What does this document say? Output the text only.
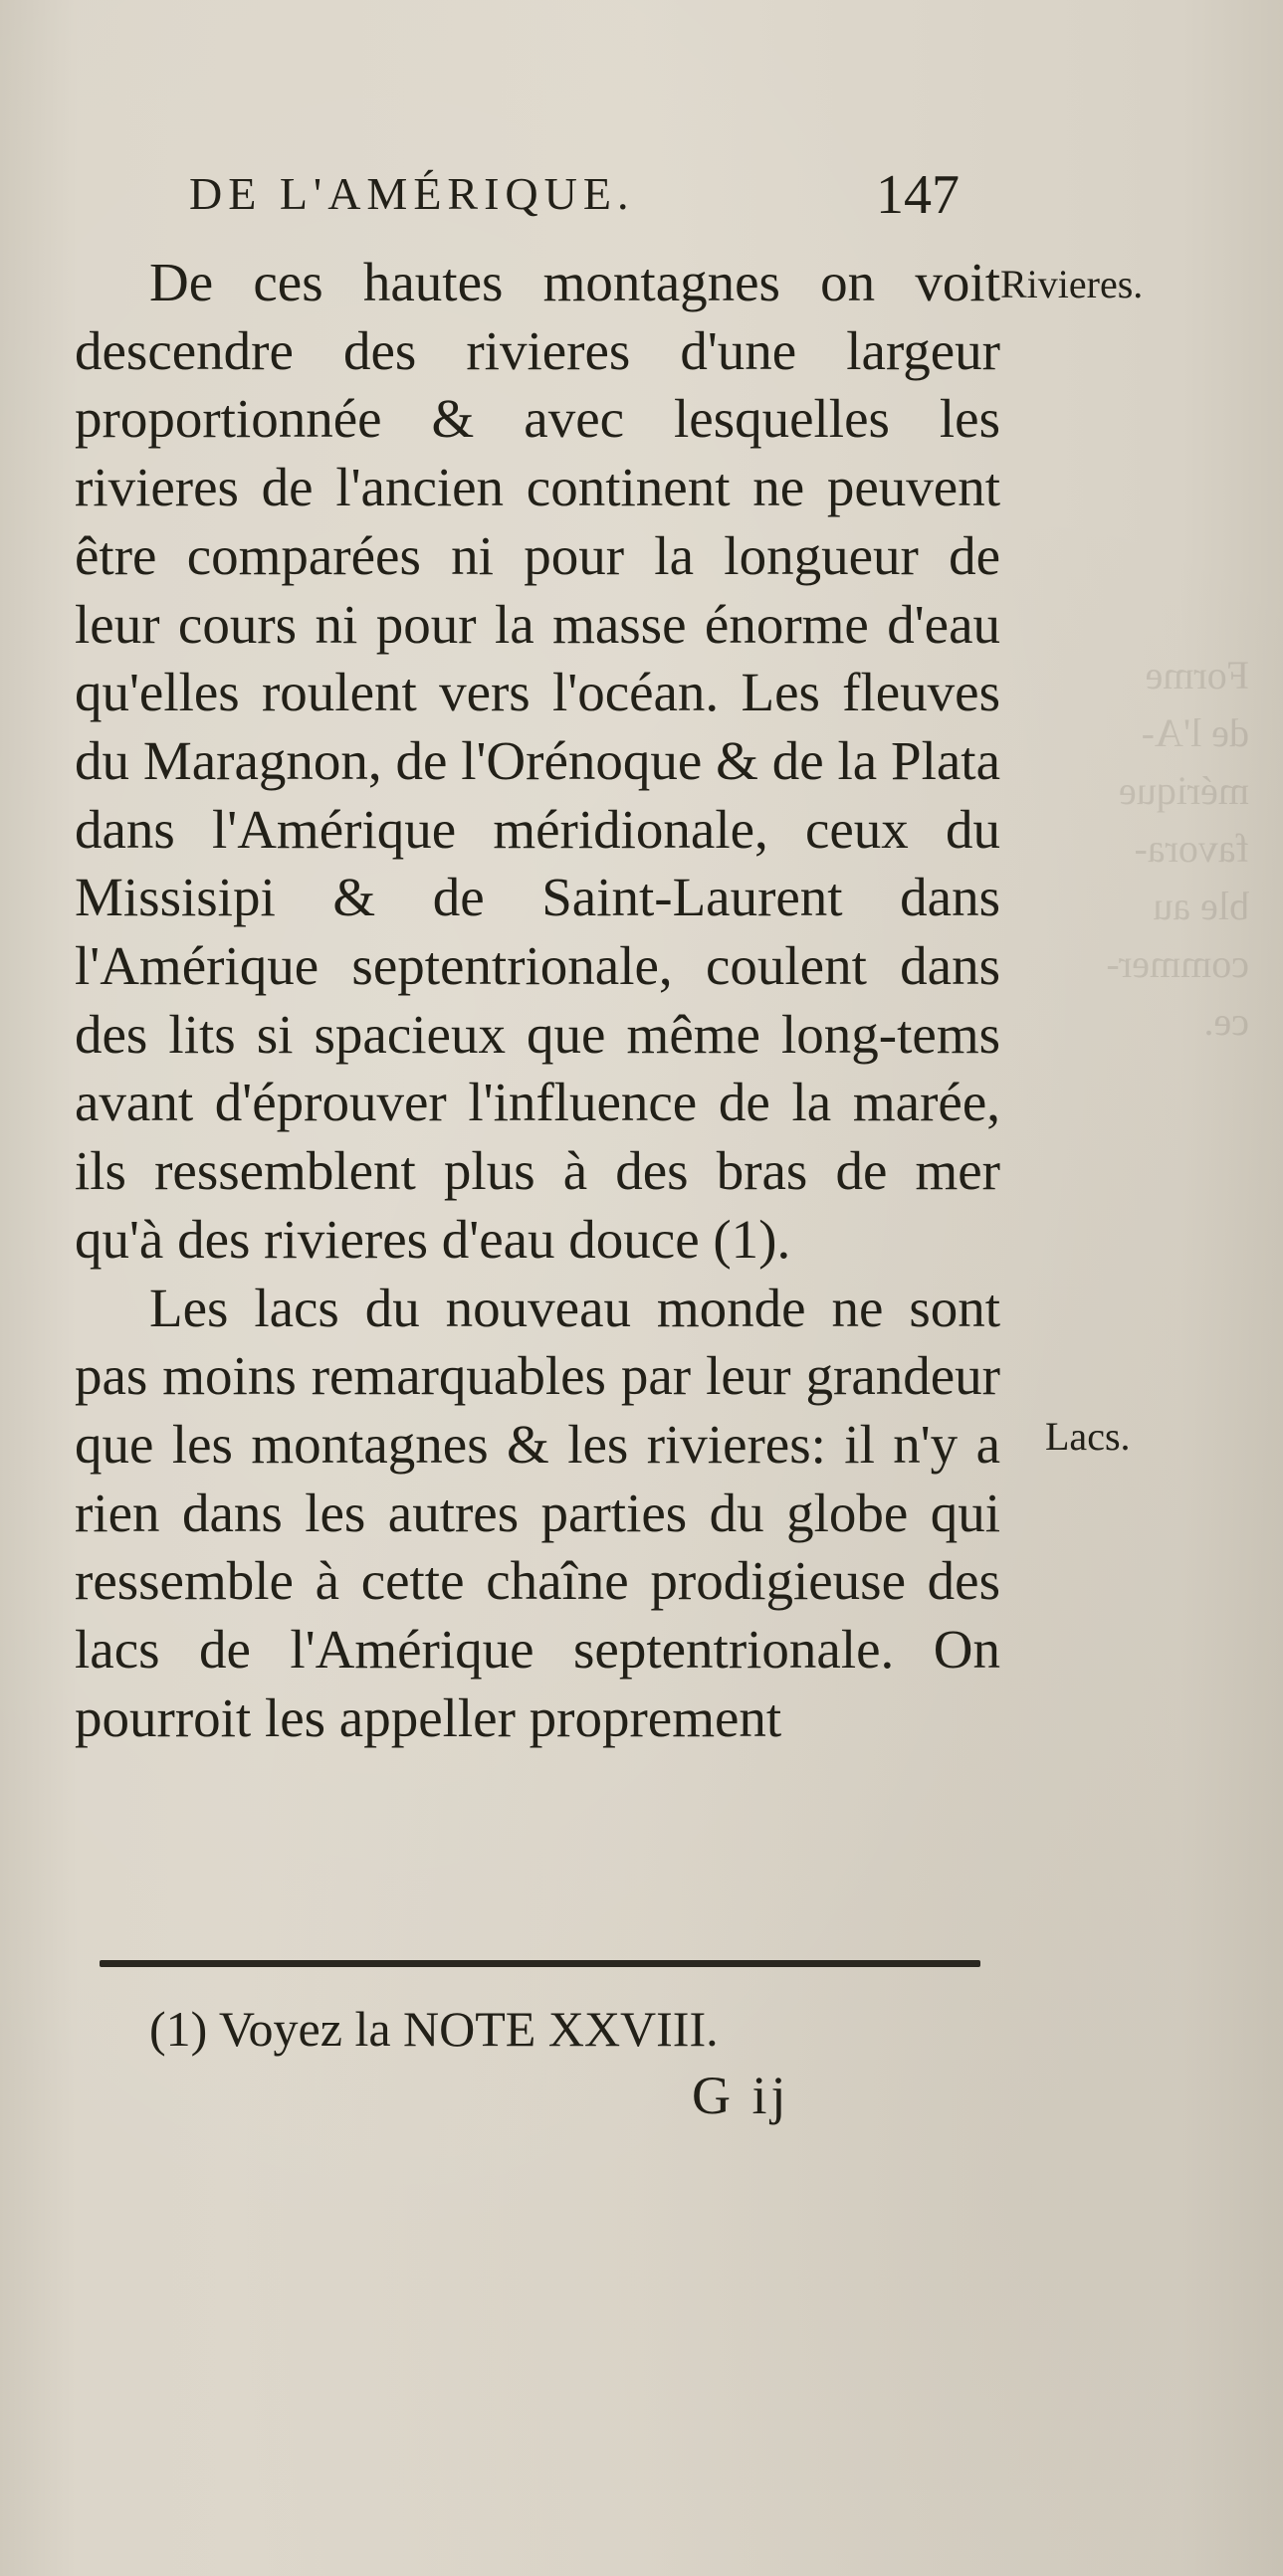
DE L'AMÉRIQUE.	147
Rivieres.
Forme
de l'A-
mérique
favora-
ble au
commer-
ce.

De ces hautes montagnes on voit descendre des rivieres d'une largeur proportionnée & avec lesquelles les rivieres de l'ancien continent ne peuvent être comparées ni pour la longueur de leur cours ni pour la masse énorme d'eau qu'elles roulent vers l'océan. Les fleuves du Maragnon, de l'Orénoque & de la Plata dans l'Amérique méridionale, ceux du Missisipi & de Saint-Laurent dans l'Amérique septentrionale, coulent dans des lits si spacieux que même long-tems avant d'éprouver l'influence de la marée, ils ressemblent plus à des bras de mer qu'à des rivieres d'eau douce (1).

Les lacs du nouveau monde ne sont pas moins remarquables par leur grandeur que les montagnes & les rivieres: il n'y a rien dans les autres parties du globe qui ressemble à cette chaîne prodigieuse des lacs de l'Amérique septentrionale. On pourroit les appeller proprement

Lacs.
(1) Voyez la NOTE XXVIII.
G ij
